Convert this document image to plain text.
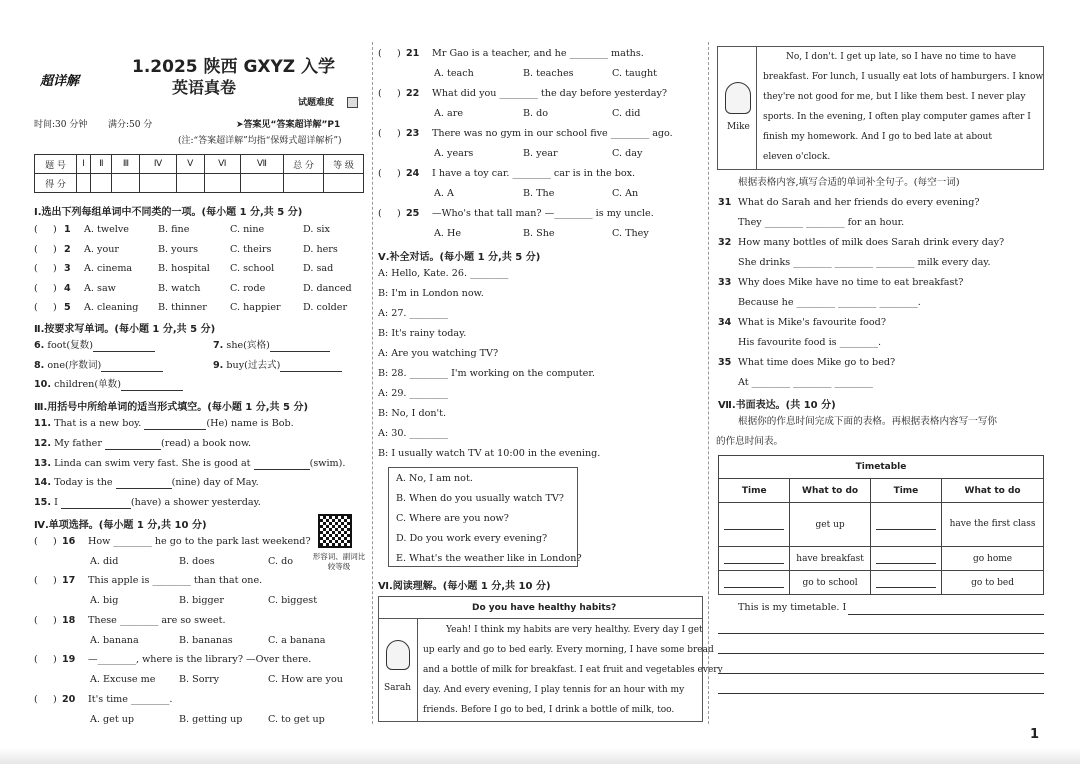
超详解
1.2025 陕西 GXYZ 入学
英语真卷
试题难度
时间:30 分钟 满分:50 分	➤答案见“答案超详解”P1
(注:“答案超详解”均指“保姆式超详解析”)
题 号	Ⅰ	Ⅱ	Ⅲ	Ⅳ	Ⅴ	Ⅵ	Ⅶ	总 分	等 级
得 分									
Ⅰ.选出下列每组单词中不同类的一项。(每小题 1 分,共 5 分)
(     ) 1 A. twelve	B. fine	C. nine	D. six
(     ) 2 A. your	B. yours	C. theirs	D. hers
(     ) 3 A. cinema	B. hospital C. school	D. sad
(     ) 4 A. saw	B. watch	C. rode	D. danced
(     ) 5 A. cleaning B. thinner C. happier D. colder
Ⅱ.按要求写单词。(每小题 1 分,共 5 分)
6. foot(复数)	7. she(宾格)
8. one(序数词)	9. buy(过去式)
10. children(单数)
Ⅲ.用括号中所给单词的适当形式填空。(每小题 1 分,共 5 分)
11. That is a new boy.	(He) name is Bob.
12. My father	(read) a book now.
13. Linda can swim very fast. She is good at	(swim).
14. Today is the	(nine) day of May.
15. I	(have) a shower yesterday.
Ⅳ.单项选择。(每小题 1 分,共 10 分)
形容词、副词比较等级
(     ) 16 How ________ he go to the park last weekend?
A. did	B. does	C. do
(     ) 17 This apple is ________ than that one.
A. big	B. bigger	C. biggest
(     ) 18 These ________ are so sweet.
A. banana	B. bananas	C. a banana
(     ) 19 —________, where is the library? —Over there.
A. Excuse me B. Sorry	C. How are you
(     ) 20 It's time ________.
A. get up	B. getting up	C. to get up
(     ) 21 Mr Gao is a teacher, and he ________ maths.
A. teach	B. teaches	C. taught
(     ) 22 What did you ________ the day before yesterday?
A. are	B. do	C. did
(     ) 23 There was no gym in our school five ________ ago.
A. years	B. year	C. day
(     ) 24 I have a toy car. ________ car is in the box.
A. A	B. The	C. An
(     ) 25 —Who's that tall man? —________ is my uncle.
A. He	B. She	C. They
Ⅴ.补全对话。(每小题 1 分,共 5 分)
A: Hello, Kate. 26. ________
B: I'm in London now.
A: 27. ________
B: It's rainy today.
A: Are you watching TV?
B: 28. ________ I'm working on the computer.
A: 29. ________
B: No, I don't.
A: 30. ________
B: I usually watch TV at 10:00 in the evening.
A. No, I am not.
B. When do you usually watch TV?
C. Where are you now?
D. Do you work every evening?
E. What's the weather like in London?
Ⅵ.阅读理解。(每小题 1 分,共 10 分)
Do you have healthy habits?
Sarah
Yeah! I think my habits are very healthy. Every day I get
up early and go to bed early. Every morning, I have some bread
and a bottle of milk for breakfast. I eat fruit and vegetables every
day. And every evening, I play tennis for an hour with my
friends. Before I go to bed, I drink a bottle of milk, too.
Mike
No, I don't. I get up late, so I have no time to have
breakfast. For lunch, I usually eat lots of hamburgers. I know
they're not good for me, but I like them best. I never play
sports. In the evening, I often play computer games after I
finish my homework. And I go to bed late at about
eleven o'clock.
根据表格内容,填写合适的单词补全句子。(每空一词)
31 What do Sarah and her friends do every evening?
They ________ ________ for an hour.
32 How many bottles of milk does Sarah drink every day?
She drinks ________ ________ ________ milk every day.
33 Why does Mike have no time to eat breakfast?
Because he ________ ________ ________.
34 What is Mike's favourite food?
His favourite food is ________.
35 What time does Mike go to bed?
At ________ ________ ________
Ⅶ.书面表达。(共 10 分)
根据你的作息时间完成下面的表格。再根据表格内容写一写你
的作息时间表。
Timetable			
Time	What to do	Time	What to do
	get up		have the first class
	have breakfast		go home
	go to school		go to bed
This is my timetable. I
1
